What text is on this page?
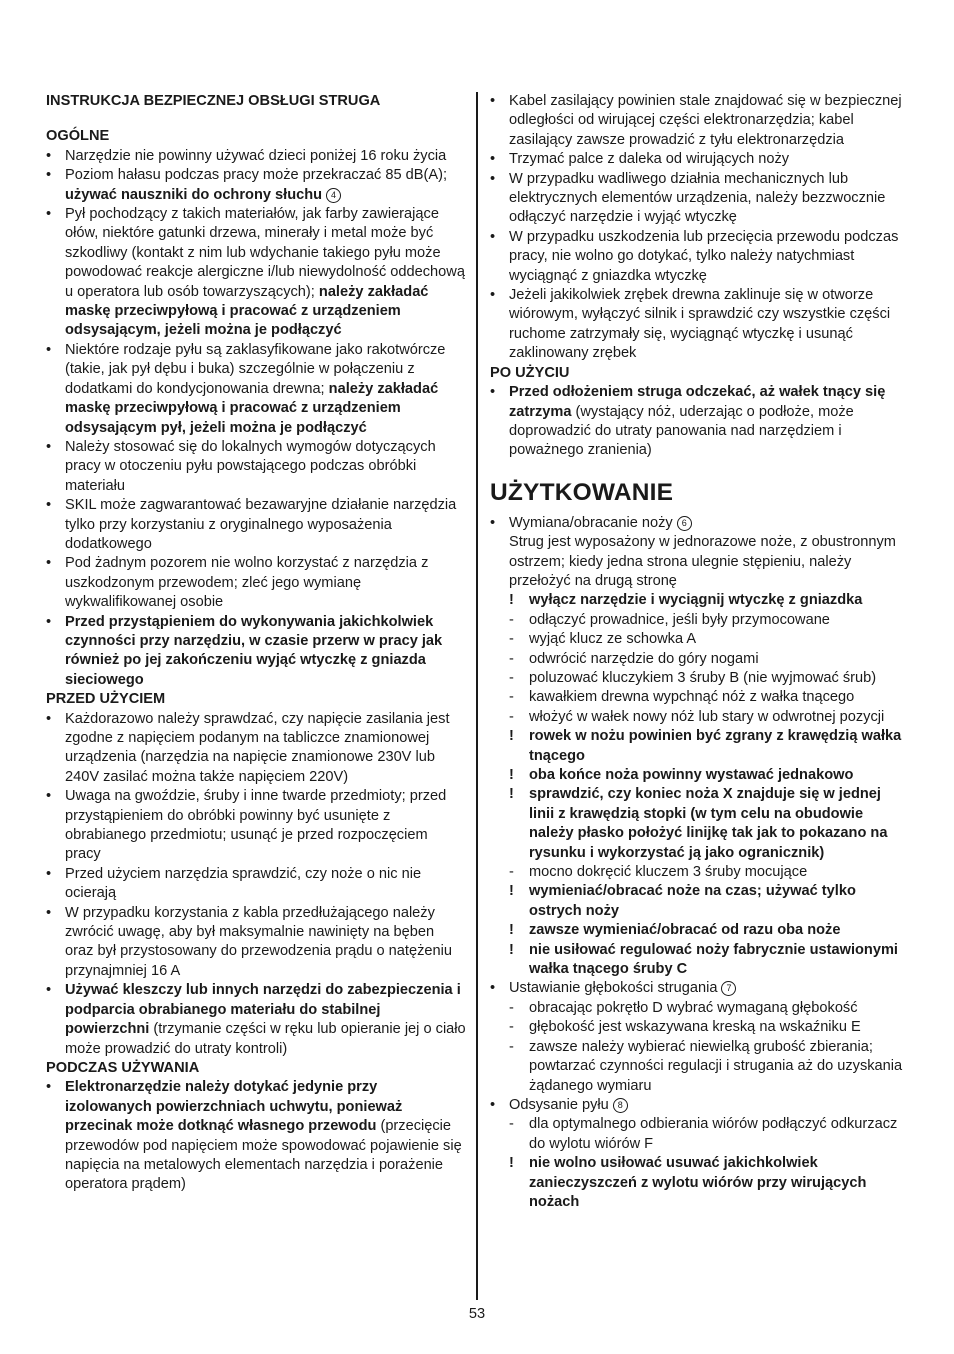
INSTRUKCJA BEZPIECZNEJ OBSŁUGI STRUGA

OGÓLNE

• Narzędzie nie powinny używać dzieci poniżej 16 roku życia
• Poziom hałasu podczas pracy może przekraczać 85 dB(A); używać nauszniki do ochrony słuchu 4
• Pył pochodzący z takich materiałów, jak farby zawierające ołów, niektóre gatunki drzewa, minerały i metal może być szkodliwy (kontakt z nim lub wdychanie takiego pyłu może powodować reakcje alergiczne i/lub niewydolność oddechową u operatora lub osób towarzyszących); należy zakładać maskę przeciwpyłową i pracować z urządzeniem odsysającym, jeżeli można je podłączyć
• Niektóre rodzaje pyłu są zaklasyfikowane jako rakotwórcze (takie, jak pył dębu i buka) szczególnie w połączeniu z dodatkami do kondycjonowania drewna; należy zakładać maskę przeciwpyłową i pracować z urządzeniem odsysającym pył, jeżeli można je podłączyć
• Należy stosować się do lokalnych wymogów dotyczących pracy w otoczeniu pyłu powstającego podczas obróbki materiału
• SKIL może zagwarantować bezawaryjne działanie narzędzia tylko przy korzystaniu z oryginalnego wyposażenia dodatkowego
• Pod żadnym pozorem nie wolno korzystać z narzędzia z uszkodzonym przewodem; zleć jego wymianę wykwalifikowanej osobie
• Przed przystąpieniem do wykonywania jakichkolwiek czynności przy narzędziu, w czasie przerw w pracy jak również po jej zakończeniu wyjąć wtyczkę z gniazda sieciowego

PRZED UŻYCIEM

• Każdorazowo należy sprawdzać, czy napięcie zasilania jest zgodne z napięciem podanym na tabliczce znamionowej urządzenia (narzędzia na napięcie znamionowe 230V lub 240V zasilać można także napięciem 220V)
• Uwaga na gwoździe, śruby i inne twarde przedmioty; przed przystąpieniem do obróbki powinny być usunięte z obrabianego przedmiotu; usunąć je przed rozpoczęciem pracy
• Przed użyciem narzędzia sprawdzić, czy noże o nic nie ocierają
• W przypadku korzystania z kabla przedłużającego należy zwrócić uwagę, aby był maksymalnie nawinięty na bęben oraz był przystosowany do przewodzenia prądu o natężeniu przynajmniej 16 A
• Używać kleszczy lub innych narzędzi do zabezpieczenia i podparcia obrabianego materiału do stabilnej powierzchni (trzymanie części w ręku lub opieranie jej o ciało może prowadzić do utraty kontroli)

PODCZAS UŻYWANIA

• Elektronarzędzie należy dotykać jedynie przy izolowanych powierzchniach uchwytu, ponieważ przecinak może dotknąć własnego przewodu (przecięcie przewodów pod napięciem może spowodować pojawienie się napięcia na metalowych elementach narzędzia i porażenie operatora prądem)
• Kabel zasilający powinien stale znajdować się w bezpiecznej odległości od wirującej części elektronarzędzia; kabel zasilający zawsze prowadzić z tyłu elektronarzędzia
• Trzymać palce z daleka od wirujących noży
• W przypadku wadliwego działnia mechanicznych lub elektrycznych elementów urządzenia, należy bezzwocznie odłączyć narzędzie i wyjąć wtyczkę
• W przypadku uszkodzenia lub przecięcia przewodu podczas pracy, nie wolno go dotykać, tylko należy natychmiast wyciągnąć z gniazdka wtyczkę
• Jeżeli jakikolwiek zrębek drewna zaklinuje się w otworze wiórowym, wyłączyć silnik i sprawdzić czy wszystkie części ruchome zatrzymały się, wyciągnąć wtyczkę i usunąć zaklinowany zrębek

PO UŻYCIU

• Przed odłożeniem struga odczekać, aż wałek tnący się zatrzyma (wystający nóż, uderzając o podłoże, może doprowadzić do utraty panowania nad narzędziem i poważnego zranienia)
UŻYTKOWANIE
• Wymiana/obracanie noży 6
Strug jest wyposażony w jednorazowe noże, z obustronnym ostrzem; kiedy jedna strona ulegnie stępieniu, należy przełożyć na drugą stronę
! wyłącz narzędzie i wyciągnij wtyczkę z gniazdka
- odłączyć prowadnice, jeśli były przymocowane
- wyjąć klucz ze schowka A
- odwrócić narzędzie do góry nogami
- poluzować kluczykiem 3 śruby B (nie wyjmować śrub)
- kawałkiem drewna wypchnąć nóż z wałka tnącego
- włożyć w wałek nowy nóż lub stary w odwrotnej pozycji
! rowek w nożu powinien być zgrany z krawędzią wałka tnącego
! oba końce noża powinny wystawać jednakowo
! sprawdzić, czy koniec noża X znajduje się w jednej linii z krawędzią stopki (w tym celu na obudowie należy płasko położyć linijkę tak jak to pokazano na rysunku i wykorzystać ją jako ogranicznik)
- mocno dokręcić kluczem 3 śruby mocujące
! wymieniać/obracać noże na czas; używać tylko ostrych noży
! zawsze wymieniać/obracać od razu oba noże
! nie usiłować regulować noży fabrycznie ustawionymi wałka tnącego śruby C
• Ustawianie głębokości strugania 7
- obracając pokrętło D wybrać wymaganą głębokość
- głębokość jest wskazywana kreską na wskaźniku E
- zawsze należy wybierać niewielką grubość zbierania; powtarzać czynności regulacji i strugania aż do uzyskania żądanego wymiaru
• Odsysanie pyłu 8
- dla optymalnego odbierania wiórów podłączyć odkurzacz do wylotu wiórów F
! nie wolno usiłować usuwać jakichkolwiek zanieczyszczeń z wylotu wiórów przy wirujących nożach
53
